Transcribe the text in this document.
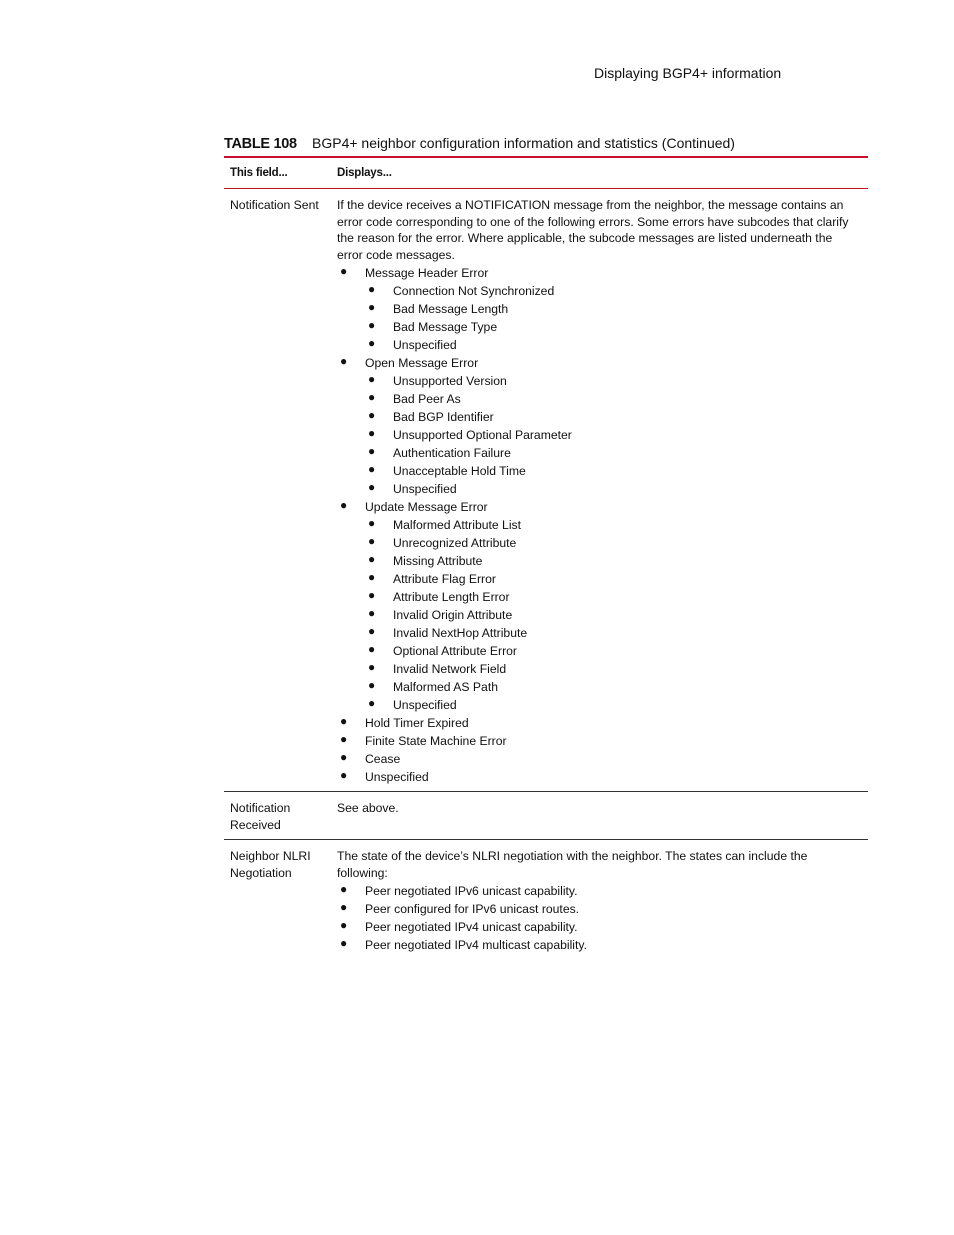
Displaying BGP4+ information
TABLE 108 BGP4+ neighbor configuration information and statistics (Continued)
This field...	Displays...
Notification Sent	If the device receives a NOTIFICATION message from the neighbor, the message contains an error code corresponding to one of the following errors. Some errors have subcodes that clarify the reason for the error. Where applicable, the subcode messages are listed underneath the error code messages.
● Message Header Error
● Connection Not Synchronized
● Bad Message Length
● Bad Message Type
● Unspecified
● Open Message Error
● Unsupported Version
● Bad Peer As
● Bad BGP Identifier
● Unsupported Optional Parameter
● Authentication Failure
● Unacceptable Hold Time
● Unspecified
● Update Message Error
● Malformed Attribute List
● Unrecognized Attribute
● Missing Attribute
● Attribute Flag Error
● Attribute Length Error
● Invalid Origin Attribute
● Invalid NextHop Attribute
● Optional Attribute Error
● Invalid Network Field
● Malformed AS Path
● Unspecified
● Hold Timer Expired
● Finite State Machine Error
● Cease
● Unspecified
Notification Received
See above.
Neighbor NLRI Negotiation
The state of the device’s NLRI negotiation with the neighbor. The states can include the following:
● Peer negotiated IPv6 unicast capability.
● Peer configured for IPv6 unicast routes.
● Peer negotiated IPv4 unicast capability.
● Peer negotiated IPv4 multicast capability.
